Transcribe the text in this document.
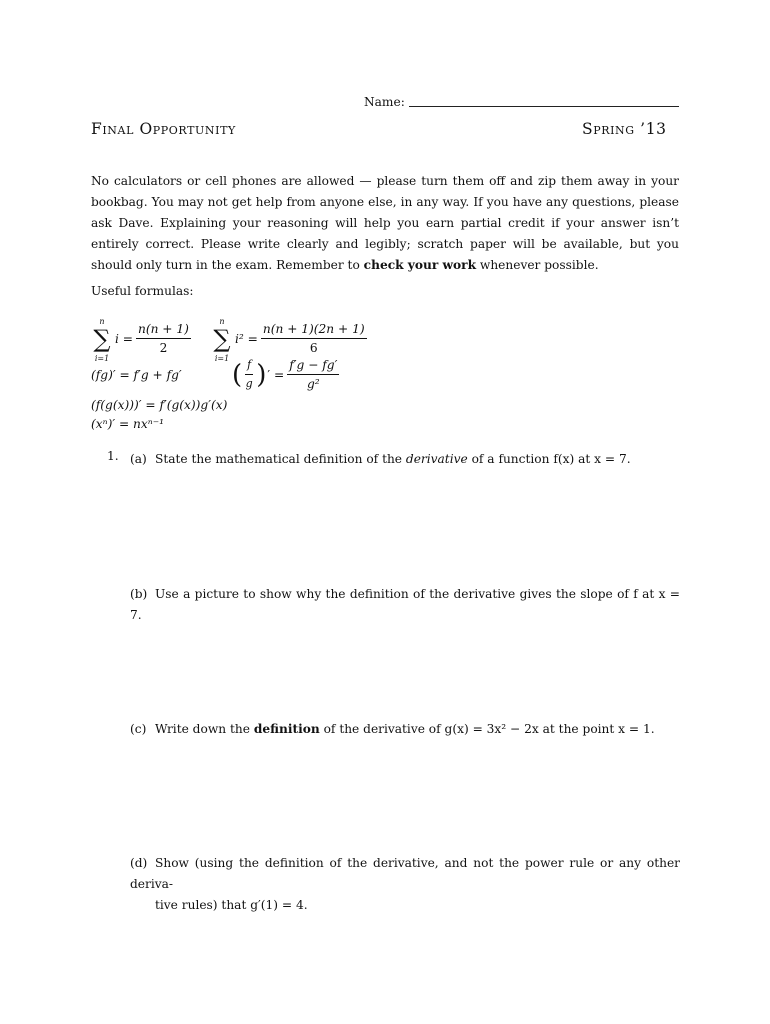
Name:
Final Opportunity	Spring ’13
No calculators or cell phones are allowed — please turn them off and zip them away in your bookbag. You may not get help from anyone else, in any way. If you have any questions, please ask Dave. Explaining your reasoning will help you earn partial credit if your answer isn’t entirely correct. Please write clearly and legibly; scratch paper will be available, but you should only turn in the exam. Remember to check your work whenever possible.
Useful formulas:
n
∑
i=1
$i = \frac{n(n + 1)}{2}$
n
∑
i=1
$i^2 = \frac{n(n + 1)(2n + 1)}{6}$
(fg)′ = f′g + fg′ ( $\frac{f}{g}$ ) ′ = $\frac{f'g - fg'}{\text{g²}}$
(f(g(x)))′ = f′(g(x))g′(x)
(xⁿ)′ = nxⁿ⁻¹
1. (a) State the mathematical definition of the derivative of a function f(x) at x = 7.
(b) Use a picture to show why the definition of the derivative gives the slope of f at x = 7.
(c) Write down the definition of the derivative of g(x) = 3x² − 2x at the point x = 1.
(d) Show (using the definition of the derivative, and not the power rule or any other deriva-
tive rules) that g′(1) = 4.
